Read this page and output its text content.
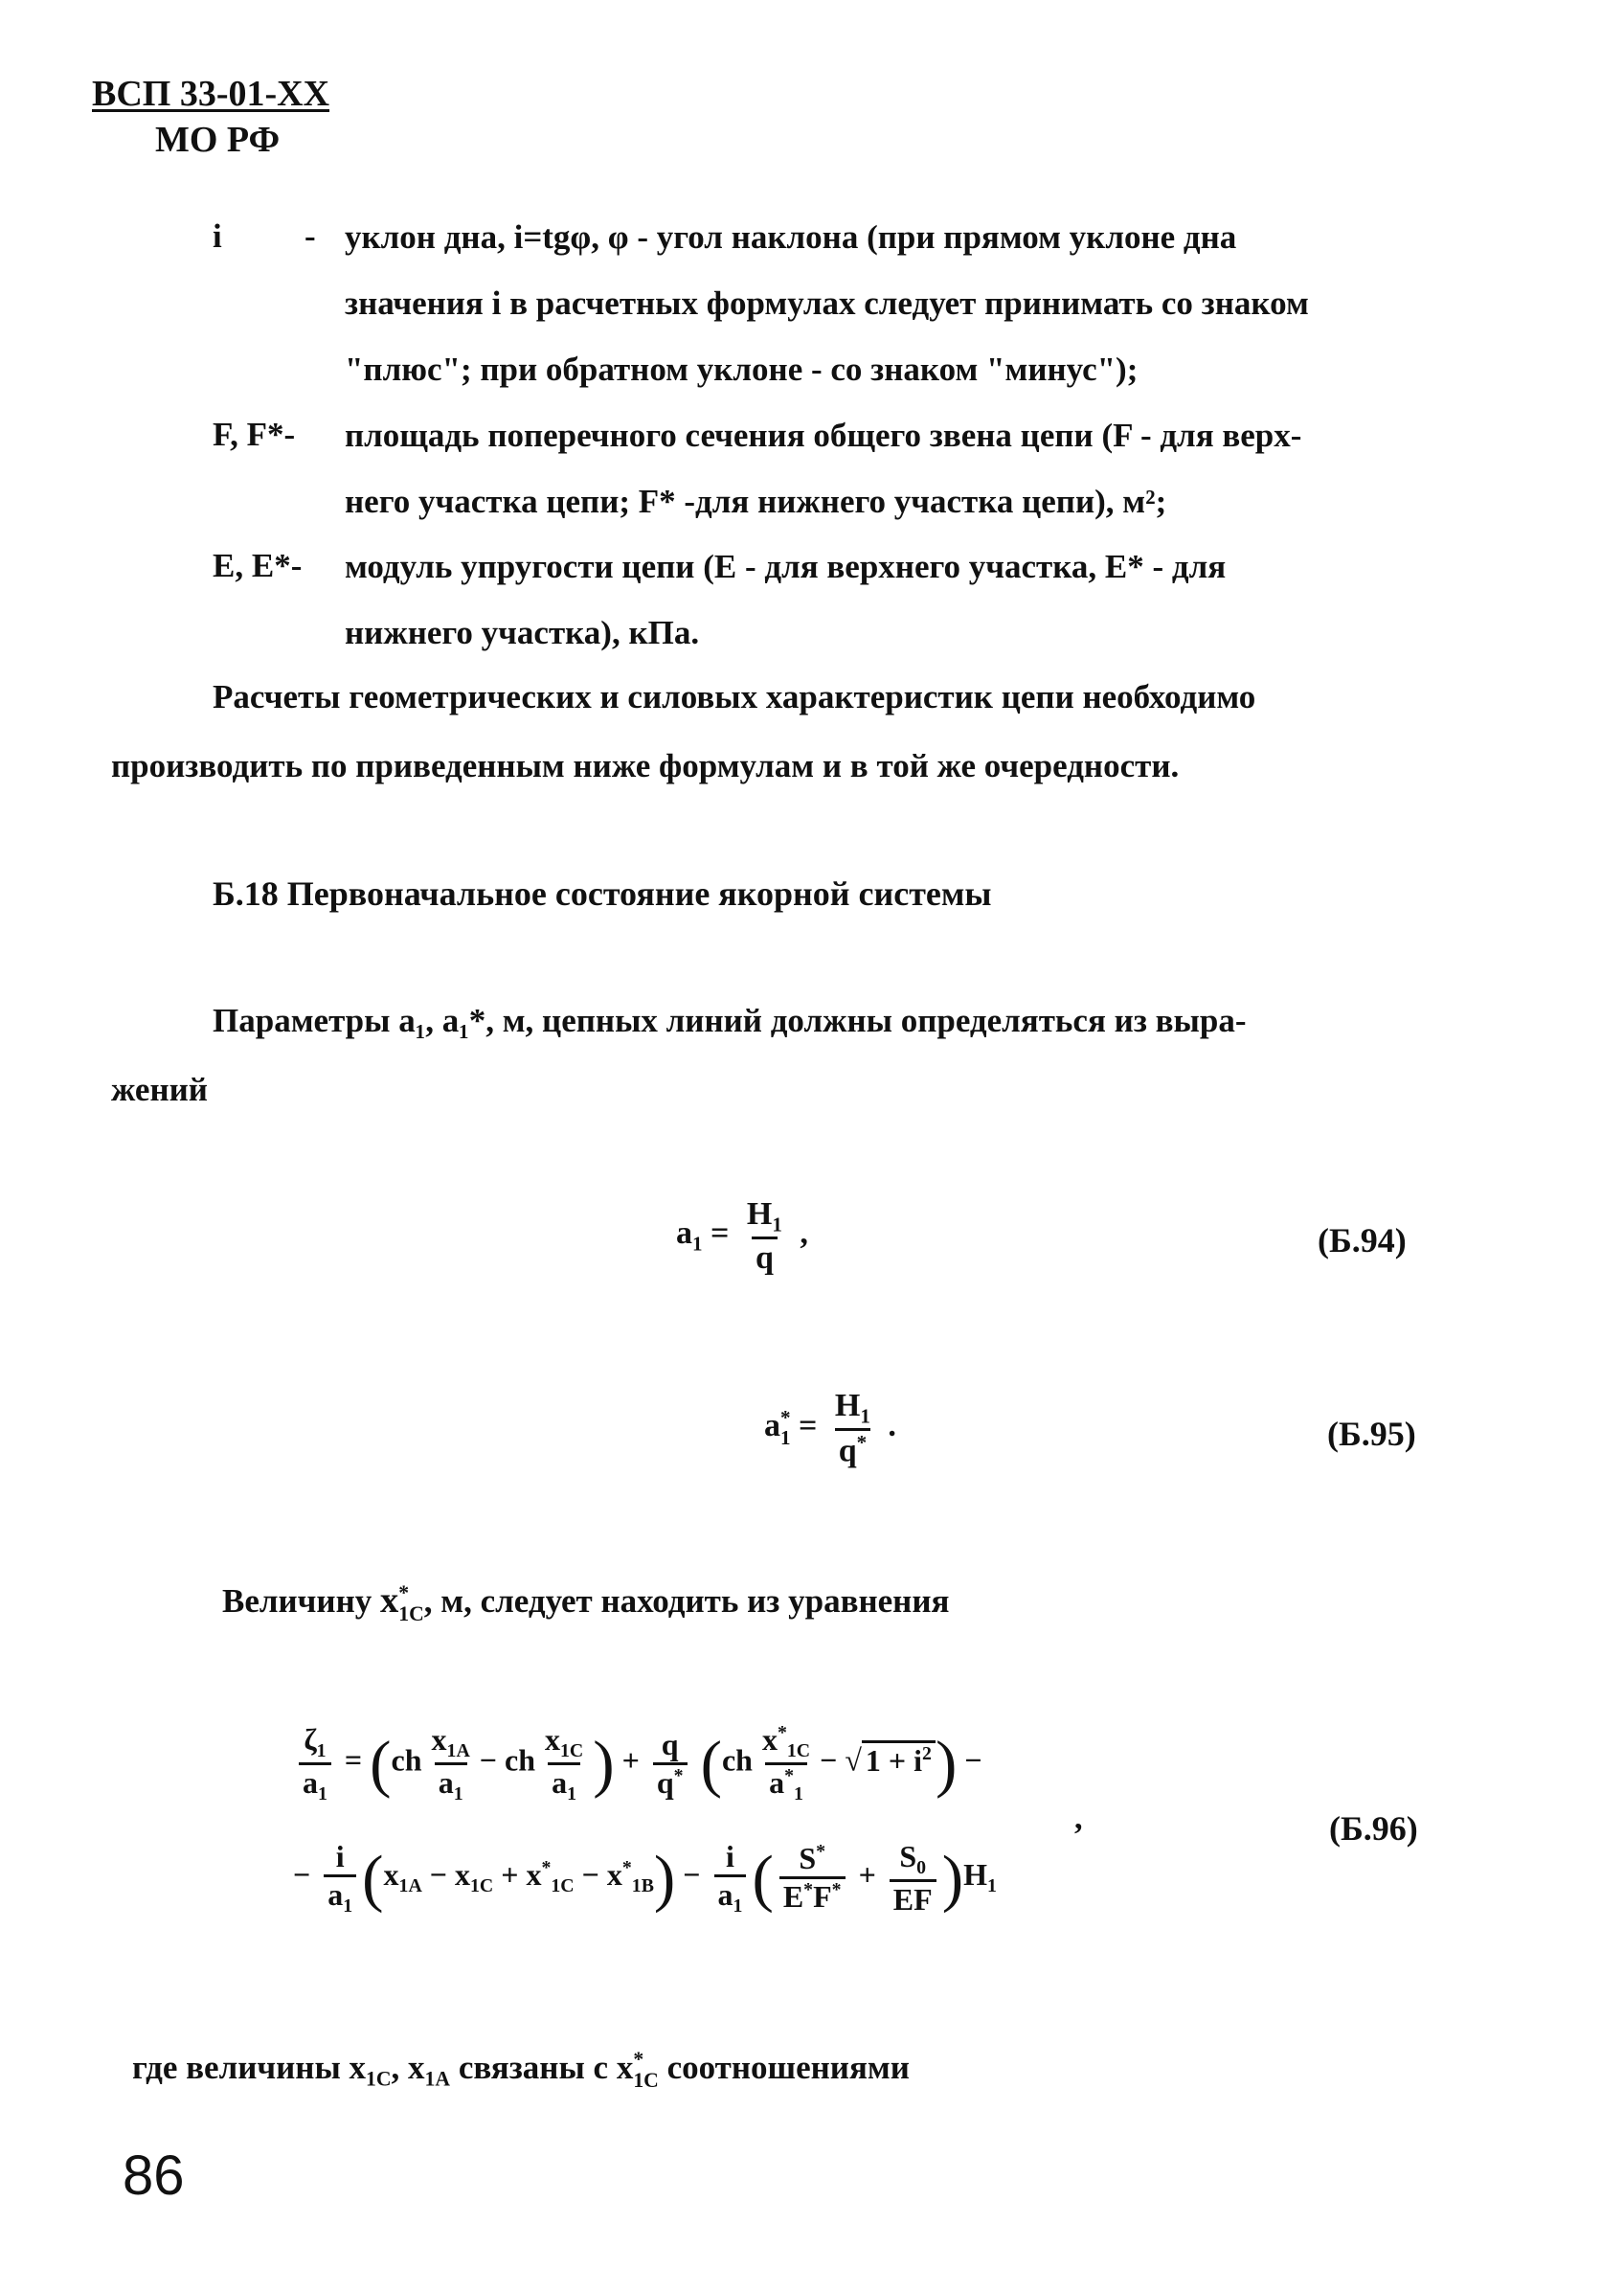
ВСП 33-01-ХХ
МО РФ
i - уклон дна, i=tgφ, φ - угол наклона (при прямом уклоне дна
значения i в расчетных формулах следует принимать со знаком
"плюс"; при обратном уклоне - со знаком "минус");
F, F*- площадь поперечного сечения общего звена цепи (F - для верх-
него участка цепи; F* -для нижнего участка цепи), м²;
E, E*- модуль упругости цепи (E - для верхнего участка, E* - для
нижнего участка), кПа.
Расчеты геометрических и силовых характеристик цепи необходимо
производить по приведенным ниже формулам и в той же очередности.
Б.18 Первоначальное состояние якорной системы
Параметры a₁, a₁*, м, цепных линий должны определяться из выра-
жений
$a_1 = \frac{H_1}{q}$ ,	(Б.94)
a *
$1 = \frac{H_1}{q^*}$ .	(Б.95)
Величину x *
1C , м, следует находить из уравнения
$\frac{\zeta_1}{a_1} = (ch \frac{x_{1A}}{a_1}$ − ch $\frac{x_{1C}}{a_1}$ ) + $\frac{q}{q^*} (ch \frac{x^*_{1C}}{a^*_1}$ − √ $1 + i^2$) −
,
− $\frac{i}{a_1} (x_{1A} - x_{1C} + x^*_{1C} - x^*_{1B}) - \frac{i}{a_1}$ ( $\frac{S^*}{E^*F^*} + \frac{S_0}{EF} )H_1$
(Б.96)
где величины $x_{1C}$, $x_{1A}$ связаны с x *
1C соотношениями
86
